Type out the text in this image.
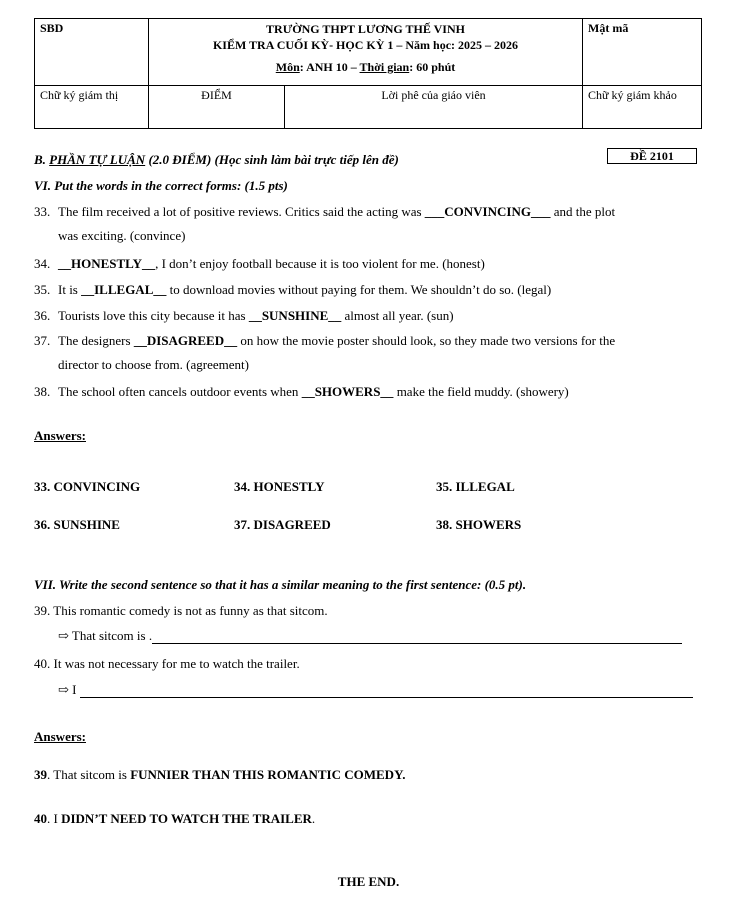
SBD	TRƯỜNG THPT LƯƠNG THẾ VINH
KIỂM TRA CUỐI KỲ- HỌC KỲ 1 – Năm học: 2025 – 2026
Môn: ANH 10 – Thời gian: 60 phút		Mật mã
Chữ ký giám thị	ĐIỂM	Lời phê của giáo viên	Chữ ký giám khảo
B. PHẦN TỰ LUẬN (2.0 ĐIỂM) (Học sinh làm bài trực tiếp lên đề)	ĐỀ 2101
VI. Put the words in the correct forms: (1.5 pts)
33. The film received a lot of positive reviews. Critics said the acting was ___CONVINCING___ and the plot
was exciting. (convince)
34. __HONESTLY__, I don’t enjoy football because it is too violent for me. (honest)
35. It is __ILLEGAL__ to download movies without paying for them. We shouldn’t do so. (legal)
36. Tourists love this city because it has __SUNSHINE__ almost all year. (sun)
37. The designers __DISAGREED__ on how the movie poster should look, so they made two versions for the
director to choose from. (agreement)
38. The school often cancels outdoor events when __SHOWERS__ make the field muddy. (showery)
Answers:
33. CONVINCING	34. HONESTLY	35. ILLEGAL
36. SUNSHINE	37. DISAGREED	38. SHOWERS
VII. Write the second sentence so that it has a similar meaning to the first sentence: (0.5 pt).
39. This romantic comedy is not as funny as that sitcom.
⇨ That sitcom is .
40. It was not necessary for me to watch the trailer.
⇨ I
Answers:
39. That sitcom is FUNNIER THAN THIS ROMANTIC COMEDY.
40. I DIDN’T NEED TO WATCH THE TRAILER.
THE END.
